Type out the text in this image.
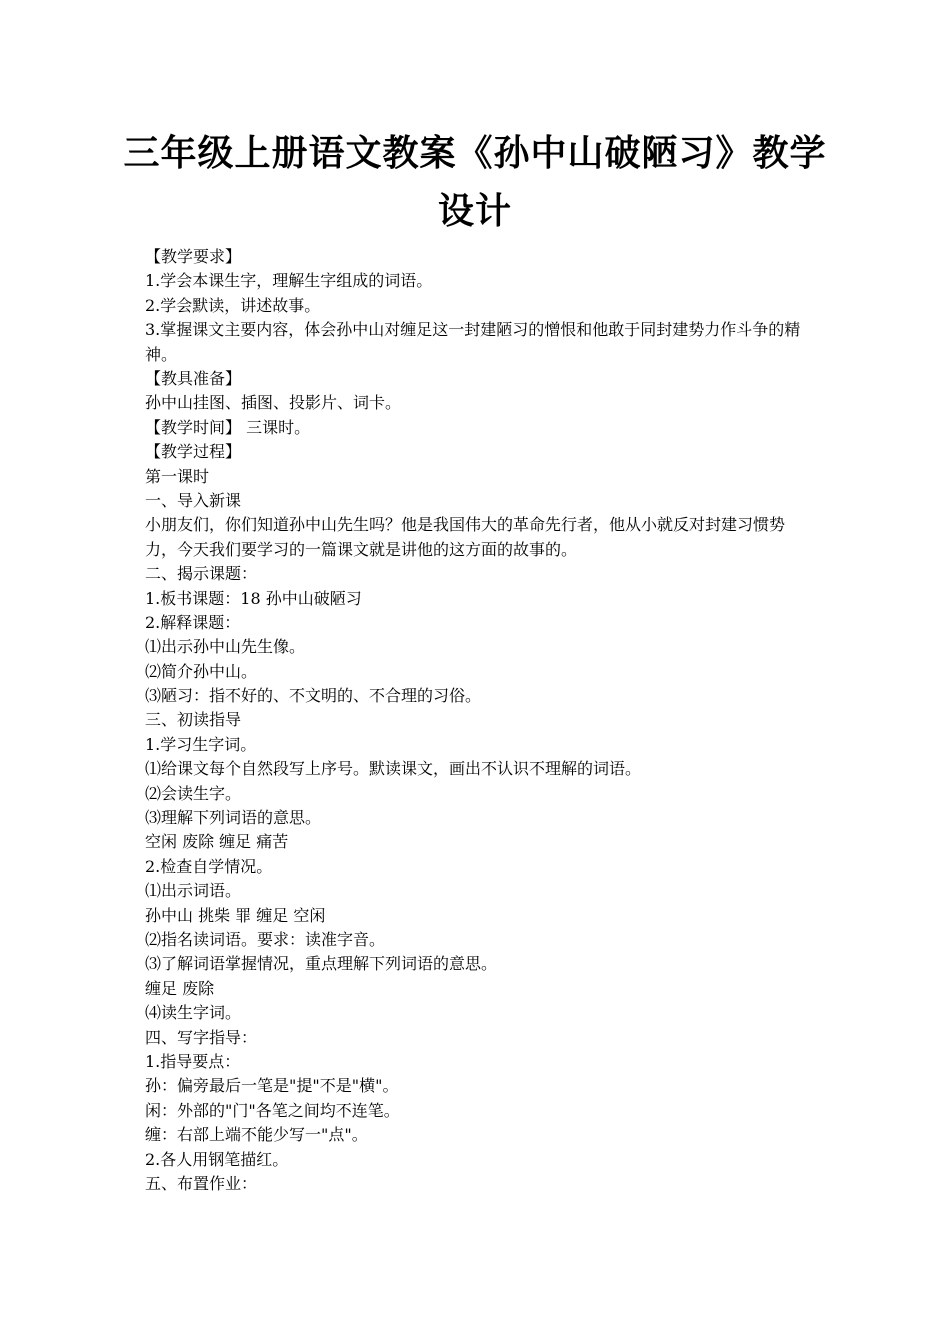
三年级上册语文教案《孙中山破陋习》教学设计
【教学要求】
1.学会本课生字，理解生字组成的词语。
2.学会默读，讲述故事。
3.掌握课文主要内容，体会孙中山对缠足这一封建陋习的憎恨和他敢于同封建势力作斗争的精神。
【教具准备】
孙中山挂图、插图、投影片、词卡。
【教学时间】 三课时。
【教学过程】
第一课时
一、导入新课
小朋友们，你们知道孙中山先生吗？他是我国伟大的革命先行者，他从小就反对封建习惯势力，今天我们要学习的一篇课文就是讲他的这方面的故事的。
二、揭示课题：
1.板书课题：18 孙中山破陋习
2.解释课题：
⑴出示孙中山先生像。
⑵简介孙中山。
⑶陋习：指不好的、不文明的、不合理的习俗。
三、初读指导
1.学习生字词。
⑴给课文每个自然段写上序号。默读课文，画出不认识不理解的词语。
⑵会读生字。
⑶理解下列词语的意思。
空闲 废除 缠足 痛苦
2.检查自学情况。
⑴出示词语。
孙中山 挑柴 罪 缠足 空闲
⑵指名读词语。要求：读准字音。
⑶了解词语掌握情况，重点理解下列词语的意思。
缠足 废除
⑷读生字词。
四、写字指导：
1.指导要点：
孙：偏旁最后一笔是"提"不是"横"。
闲：外部的"门"各笔之间均不连笔。
缠：右部上端不能少写一"点"。
2.各人用钢笔描红。
五、布置作业：
